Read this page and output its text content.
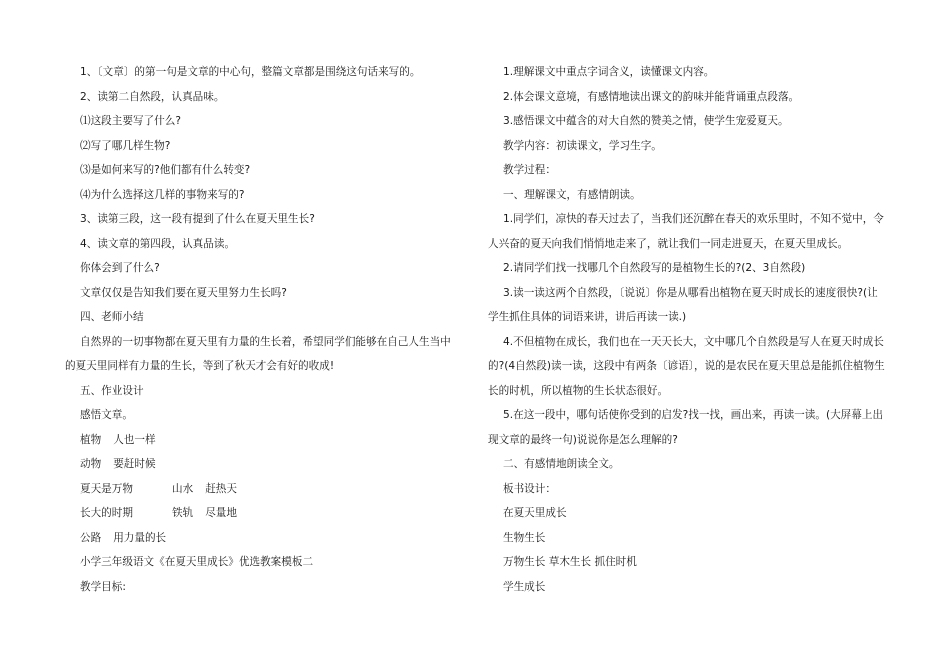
1、〔文章〕的第一句是文章的中心句，整篇文章都是围绕这句话来写的。
2、读第二自然段，认真品味。
⑴这段主要写了什么?
⑵写了哪几样生物?
⑶是如何来写的?他们都有什么转变?
⑷为什么选择这几样的事物来写的?
3、读第三段，这一段有提到了什么在夏天里生长?
4、读文章的第四段，认真品读。
你体会到了什么?
文章仅仅是告知我们要在夏天里努力生长吗?
四、老师小结
自然界的一切事物都在夏天里有力量的生长着，希望同学们能够在自己人生当中的夏天里同样有力量的生长，等到了秋天才会有好的收成!
五、作业设计
感悟文章。
植物 人也一样
动物 要赶时候
夏天是万物	山水 赶热天
长大的时期	铁轨 尽量地
公路 用力量的长
小学三年级语文《在夏天里成长》优选教案模板二
教学目标:
1.理解课文中重点字词含义，读懂课文内容。
2.体会课文意境，有感情地读出课文的韵味并能背诵重点段落。
3.感悟课文中蕴含的对大自然的赞美之情，使学生宠爱夏天。
教学内容：初读课文，学习生字。
教学过程：
一、理解课文，有感情朗读。
1.同学们，凉快的春天过去了，当我们还沉醉在春天的欢乐里时，不知不觉中，令人兴奋的夏天向我们悄悄地走来了，就让我们一同走进夏天，在夏天里成长。
2.请同学们找一找哪几个自然段写的是植物生长的?(2、3自然段)
3.读一读这两个自然段，〔说说〕你是从哪看出植物在夏天时成长的速度很快?(让学生抓住具体的词语来讲，讲后再读一读.)
4.不但植物在成长，我们也在一天天长大，文中哪几个自然段是写人在夏天时成长的?(4自然段)读一读，这段中有两条〔谚语〕，说的是农民在夏天里总是能抓住植物生长的时机，所以植物的生长状态很好。
5.在这一段中，哪句话使你受到的启发?找一找，画出来，再读一读。(大屏幕上出现文章的最终一句)说说你是怎么理解的?
二、有感情地朗读全文。
板书设计：
在夏天里成长
生物生长
万物生长 草木生长 抓住时机
学生成长
